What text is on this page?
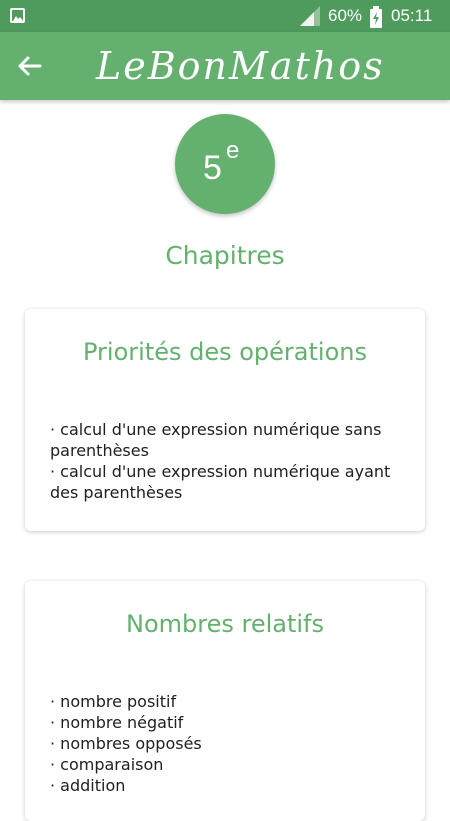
60% 05:11
LeBonMathos
5 e
Chapitres
Priorités des opérations
· calcul d'une expression numérique sans parenthèses
· calcul d'une expression numérique ayant des parenthèses
Nombres relatifs
· nombre positif
· nombre négatif
· nombres opposés
· comparaison
· addition
